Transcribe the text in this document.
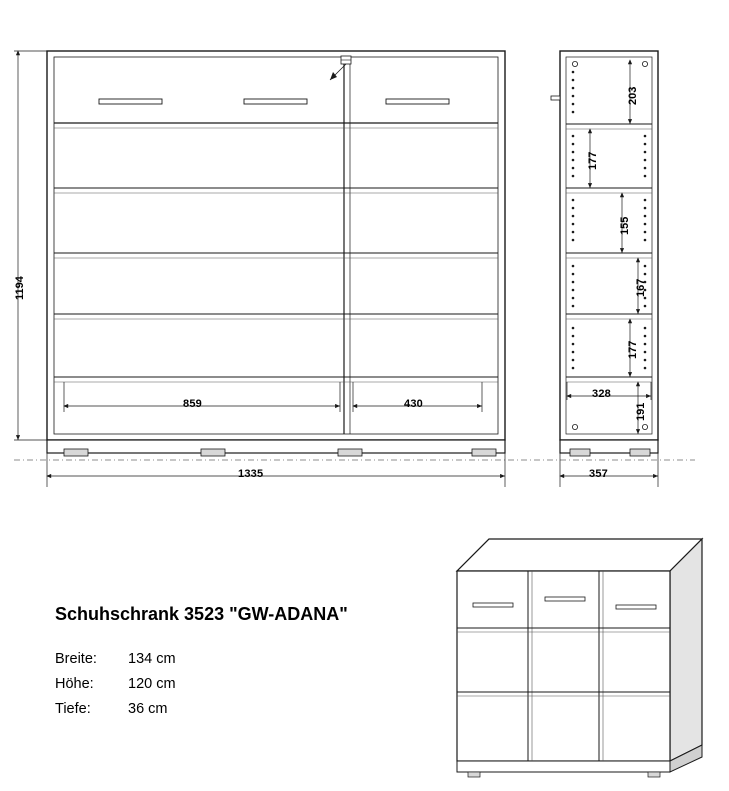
1194
1335
859	430
357
328
203
177
155
167
177
191
Schuhschrank 3523 "GW-ADANA"
Breite: 134 cm
Höhe: 120 cm
Tiefe:	36 cm
